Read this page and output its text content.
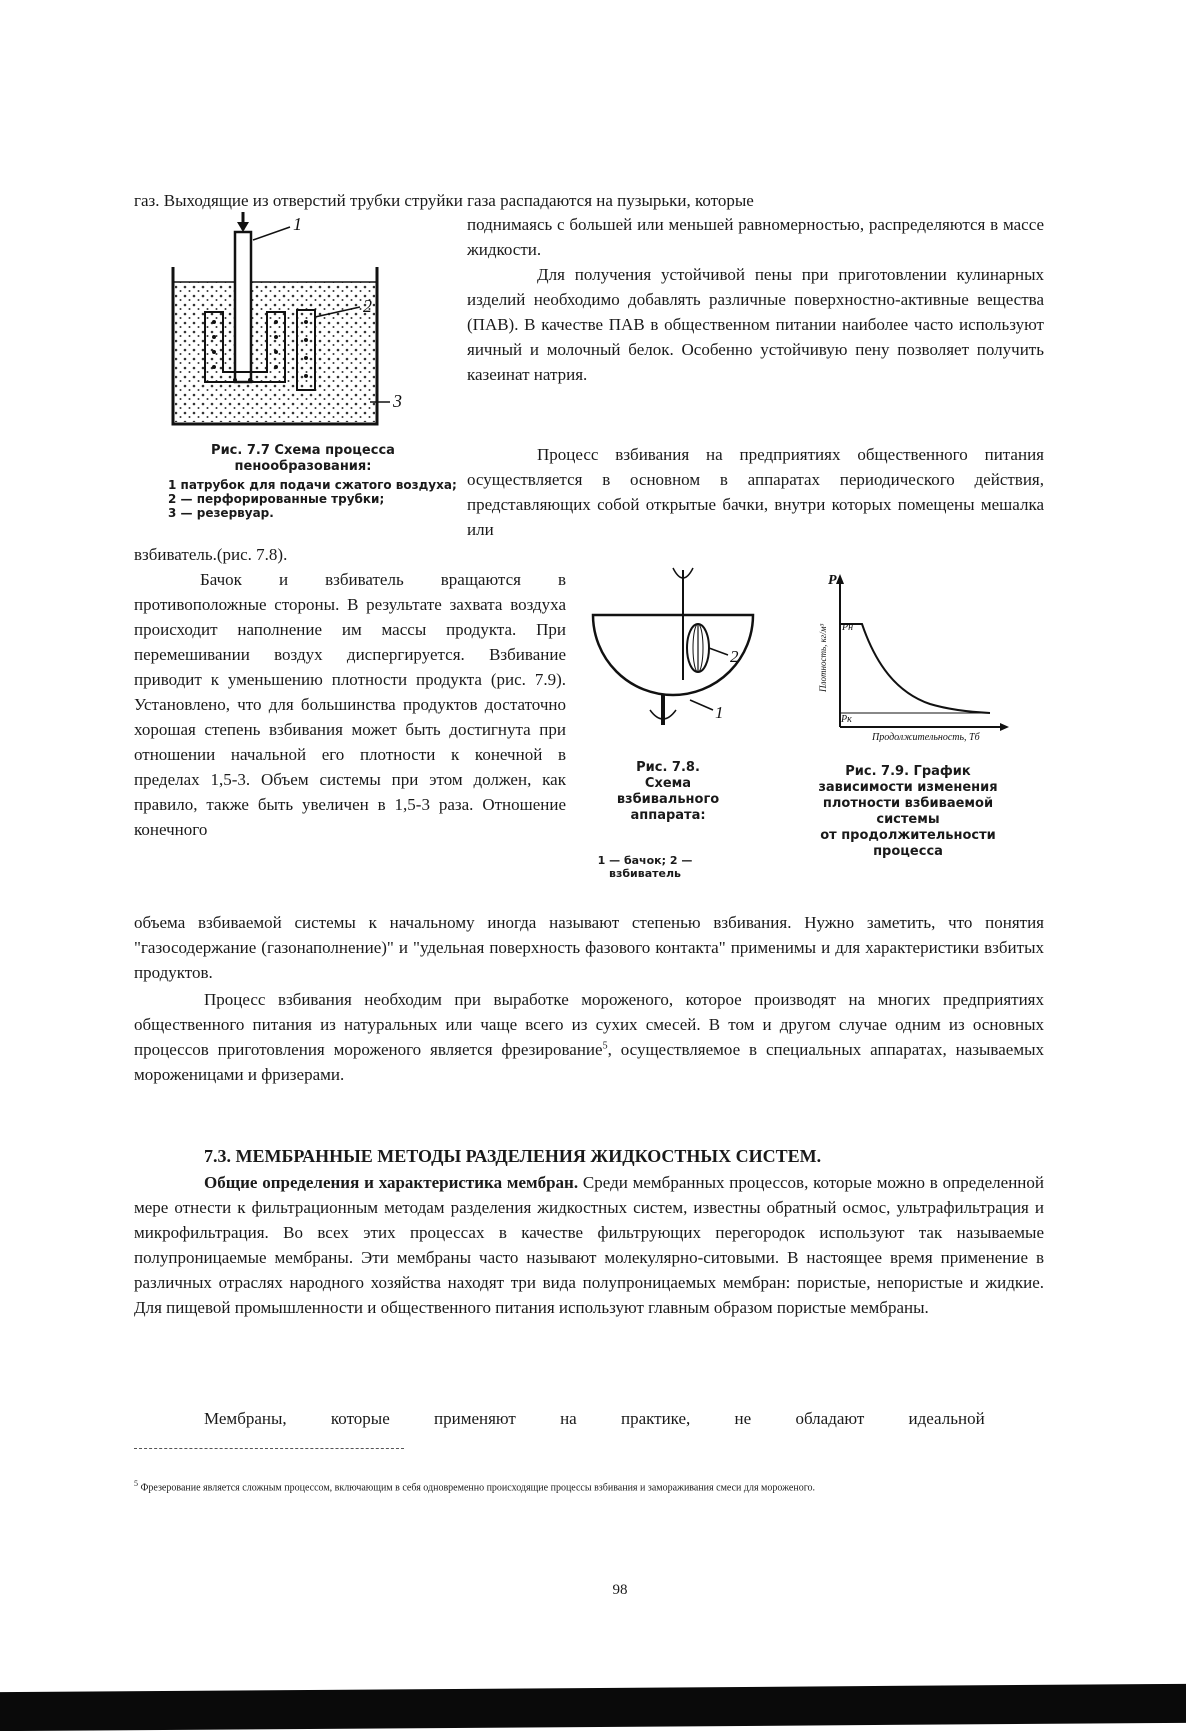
газ. Выходящие из отверстий трубки струйки газа распадаются на пузырьки, которые
1
2
3
Рис. 7.7 Схема процесса пенообразования:
1 патрубок для подачи сжатого воздуха;
2 — перфорированные трубки;
3 — резервуар.
поднимаясь с большей или меньшей равномерностью, распределяются в массе жидкости.
Для получения устойчивой пены при приготовлении кулинарных изделий необходимо добавлять различные поверхностно-активные вещества (ПАВ). В качестве ПАВ в общественном питании наиболее часто используют яичный и молочный белок. Особенно устойчивую пену позволяет получить казеинат натрия.
Процесс взбивания на предприятиях общественного питания осуществляется в основном в аппаратах периодического действия, представляющих собой открытые бачки, внутри которых помещены мешалка или
взбиватель.(рис. 7.8).
Бачок и взбиватель вращаются в противоположные стороны. В результате захвата воздуха происходит наполнение им массы продукта. При перемешивании воздух диспергируется. Взбивание приводит к уменьшению плотности продукта (рис. 7.9). Установлено, что для большинства продуктов достаточно хорошая степень взбивания может быть достигнута при отношении начальной его плотности к конечной в пределах 1,5-3. Объем системы при этом должен, как правило, также быть увеличен в 1,5-3 раза. Отношение конечного
2
1
Рис. 7.8.
Схема
взбивального
аппарата:
1 — бачок; 2 — взбиватель
P
Pн
Pк
Плотность, кг/м³
Продолжительность, Tб
Рис. 7.9. График
зависимости изменения
плотности взбиваемой
системы
от продолжительности
процесса
объема взбиваемой системы к начальному иногда называют степенью взбивания. Нужно заметить, что понятия "газосодержание (газонаполнение)" и "удельная поверхность фазового контакта" применимы и для характеристики взбитых продуктов.
Процесс взбивания необходим при выработке мороженого, которое производят на многих предприятиях общественного питания из натуральных или чаще всего из сухих смесей. В том и другом случае одним из основных процессов приготовления мороженого является фрезирование$^5$, осуществляемое в специальных аппаратах, называемых мороженицами и фризерами.
7.3. МЕМБРАННЫЕ МЕТОДЫ РАЗДЕЛЕНИЯ ЖИДКОСТНЫХ СИСТЕМ.
Общие определения и характеристика мембран. Среди мембранных процессов, которые можно в определенной мере отнести к фильтрационным методам разделения жидкостных систем, известны обратный осмос, ультрафильтрация и микрофильтрация. Во всех этих процессах в качестве фильтрующих перегородок используют так называемые полупроницаемые мембраны. Эти мембраны часто называют молекулярно-ситовыми. В настоящее время применение в различных отраслях народного хозяйства находят три вида полупроницаемых мембран: пористые, непористые и жидкие. Для пищевой промышленности и общественного питания используют главным образом пористые мембраны.
Мембраны, которые применяют на практике, не обладают идеальной
$^5$ Фрезерование является сложным процессом, включающим в себя одновременно происходящие процессы взбивания и замораживания смеси для мороженого.
98
